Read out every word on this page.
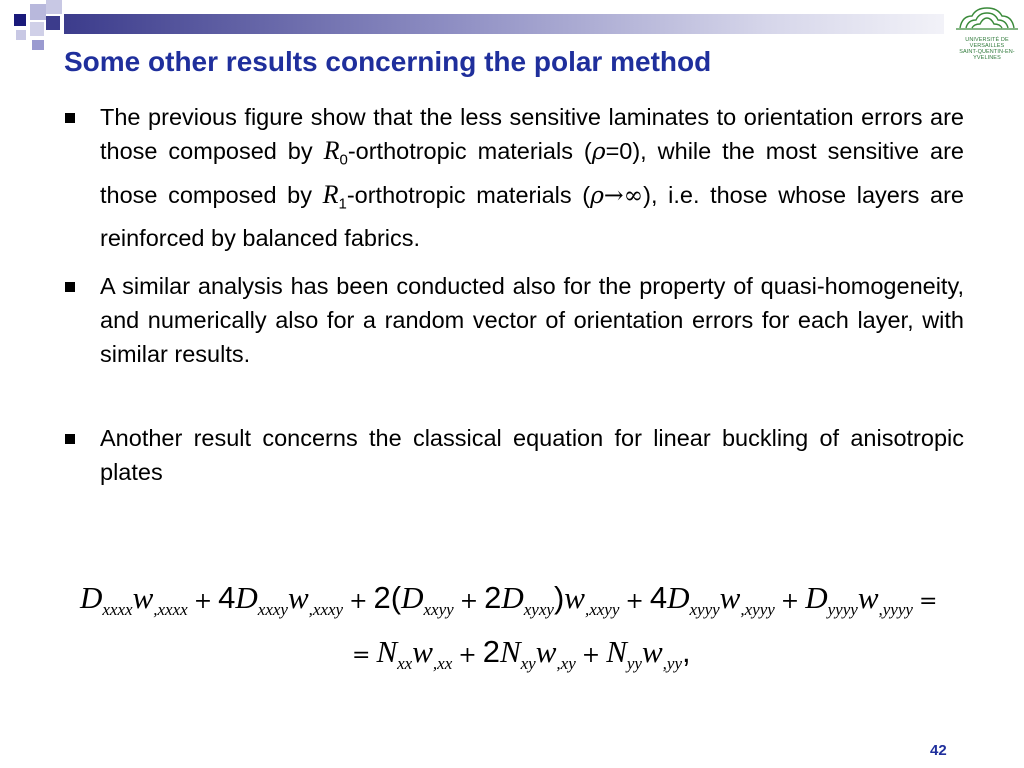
UNIVERSITÉ DE VERSAILLES
SAINT-QUENTIN-EN-YVELINES
Some other results concerning the polar method
The previous figure show that the less sensitive laminates to orientation errors are those composed by $R_0$-orthotropic materials (ρ=0), while the most sensitive are those composed by $R_1$-orthotropic materials (ρ→∞), i.e. those whose layers are reinforced by balanced fabrics.
A similar analysis has been conducted also for the property of quasi-homogeneity, and numerically also for a random vector of orientation errors for each layer, with similar results.
Another result concerns the classical equation for linear buckling of anisotropic plates
$D_{xxxx}w_{,xxxx} + 4D_{xxxy}w_{,xxxy} + 2(D_{xxyy} + 2D_{xyxy})w_{,xxyy} + 4D_{xyyy}w_{,xyyy} + D_{yyyy}w_{,yyyy}$ =
= $N_{xx}w_{,xx} + 2N_{xy}w_{,xy} + N_{yy}w_{,yy}$,
42
